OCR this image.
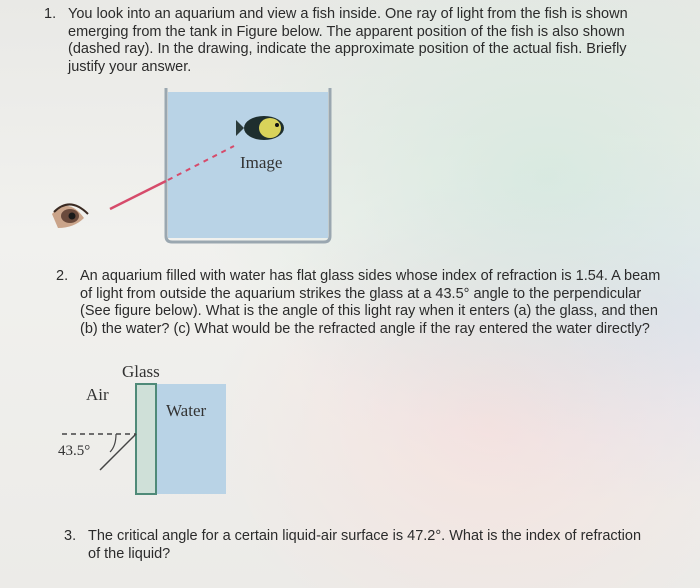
1. You look into an aquarium and view a fish inside. One ray of light from the fish is shown emerging from the tank in Figure below. The apparent position of the fish is also shown (dashed ray). In the drawing, indicate the approximate position of the actual fish. Briefly justify your answer.
Image
2. An aquarium filled with water has flat glass sides whose index of refraction is 1.54. A beam of light from outside the aquarium strikes the glass at a 43.5° angle to the perpendicular (See figure below). What is the angle of this light ray when it enters (a) the glass, and then (b) the water? (c) What would be the refracted angle if the ray entered the water directly?
Glass
Air
Water
43.5°
3. The critical angle for a certain liquid-air surface is 47.2°. What is the index of refraction of the liquid?
